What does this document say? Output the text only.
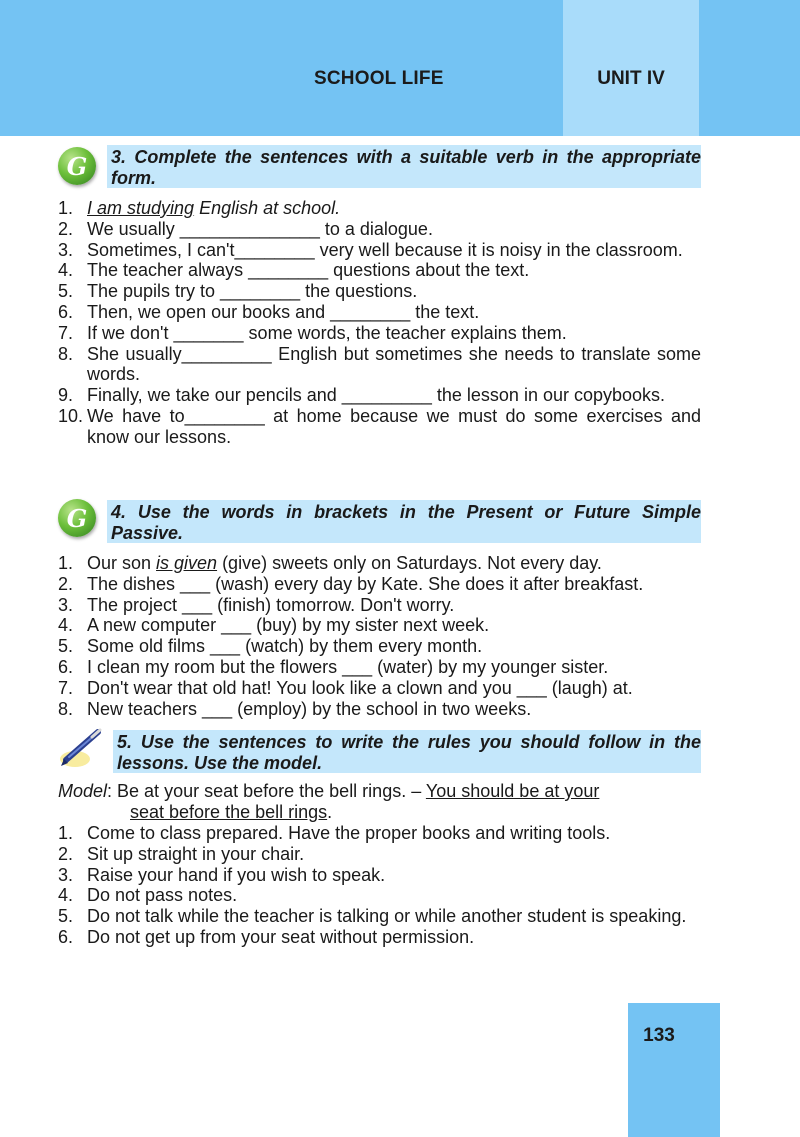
SCHOOL LIFE	UNIT IV
G	3. Complete the sentences with a suitable verb in the appropriate form.
1. I am studying English at school.
2. We usually ______________ to a dialogue.
3. Sometimes, I can't________ very well because it is noisy in the classroom.
4. The teacher always ________ questions about the text.
5. The pupils try to ________ the questions.
6. Then, we open our books and ________ the text.
7. If we don't _______ some words, the teacher explains them.
8. She usually_________ English but sometimes she needs to translate some words.
9. Finally, we take our pencils and _________ the lesson in our copybooks.
10. We have to________ at home because we must do some exercises and know our lessons.
G	4. Use the words in brackets in the Present or Future Simple Passive.
1. Our son is given (give) sweets only on Saturdays. Not every day.
2. The dishes ___ (wash) every day by Kate. She does it after breakfast.
3. The project ___ (finish) tomorrow. Don't worry.
4. A new computer ___ (buy) by my sister next week.
5. Some old films ___ (watch) by them every month.
6. I clean my room but the flowers ___ (water) by my younger sister.
7. Don't wear that old hat! You look like a clown and you ___ (laugh) at.
8. New teachers ___ (employ) by the school in two weeks.
5. Use the sentences to write the rules you should follow in the lessons. Use the model.
Model: Be at your seat before the bell rings. – You should be at your
seat before the bell rings.
1. Come to class prepared. Have the proper books and writing tools.
2. Sit up straight in your chair.
3. Raise your hand if you wish to speak.
4. Do not pass notes.
5. Do not talk while the teacher is talking or while another student is speaking.
6. Do not get up from your seat without permission.
133
